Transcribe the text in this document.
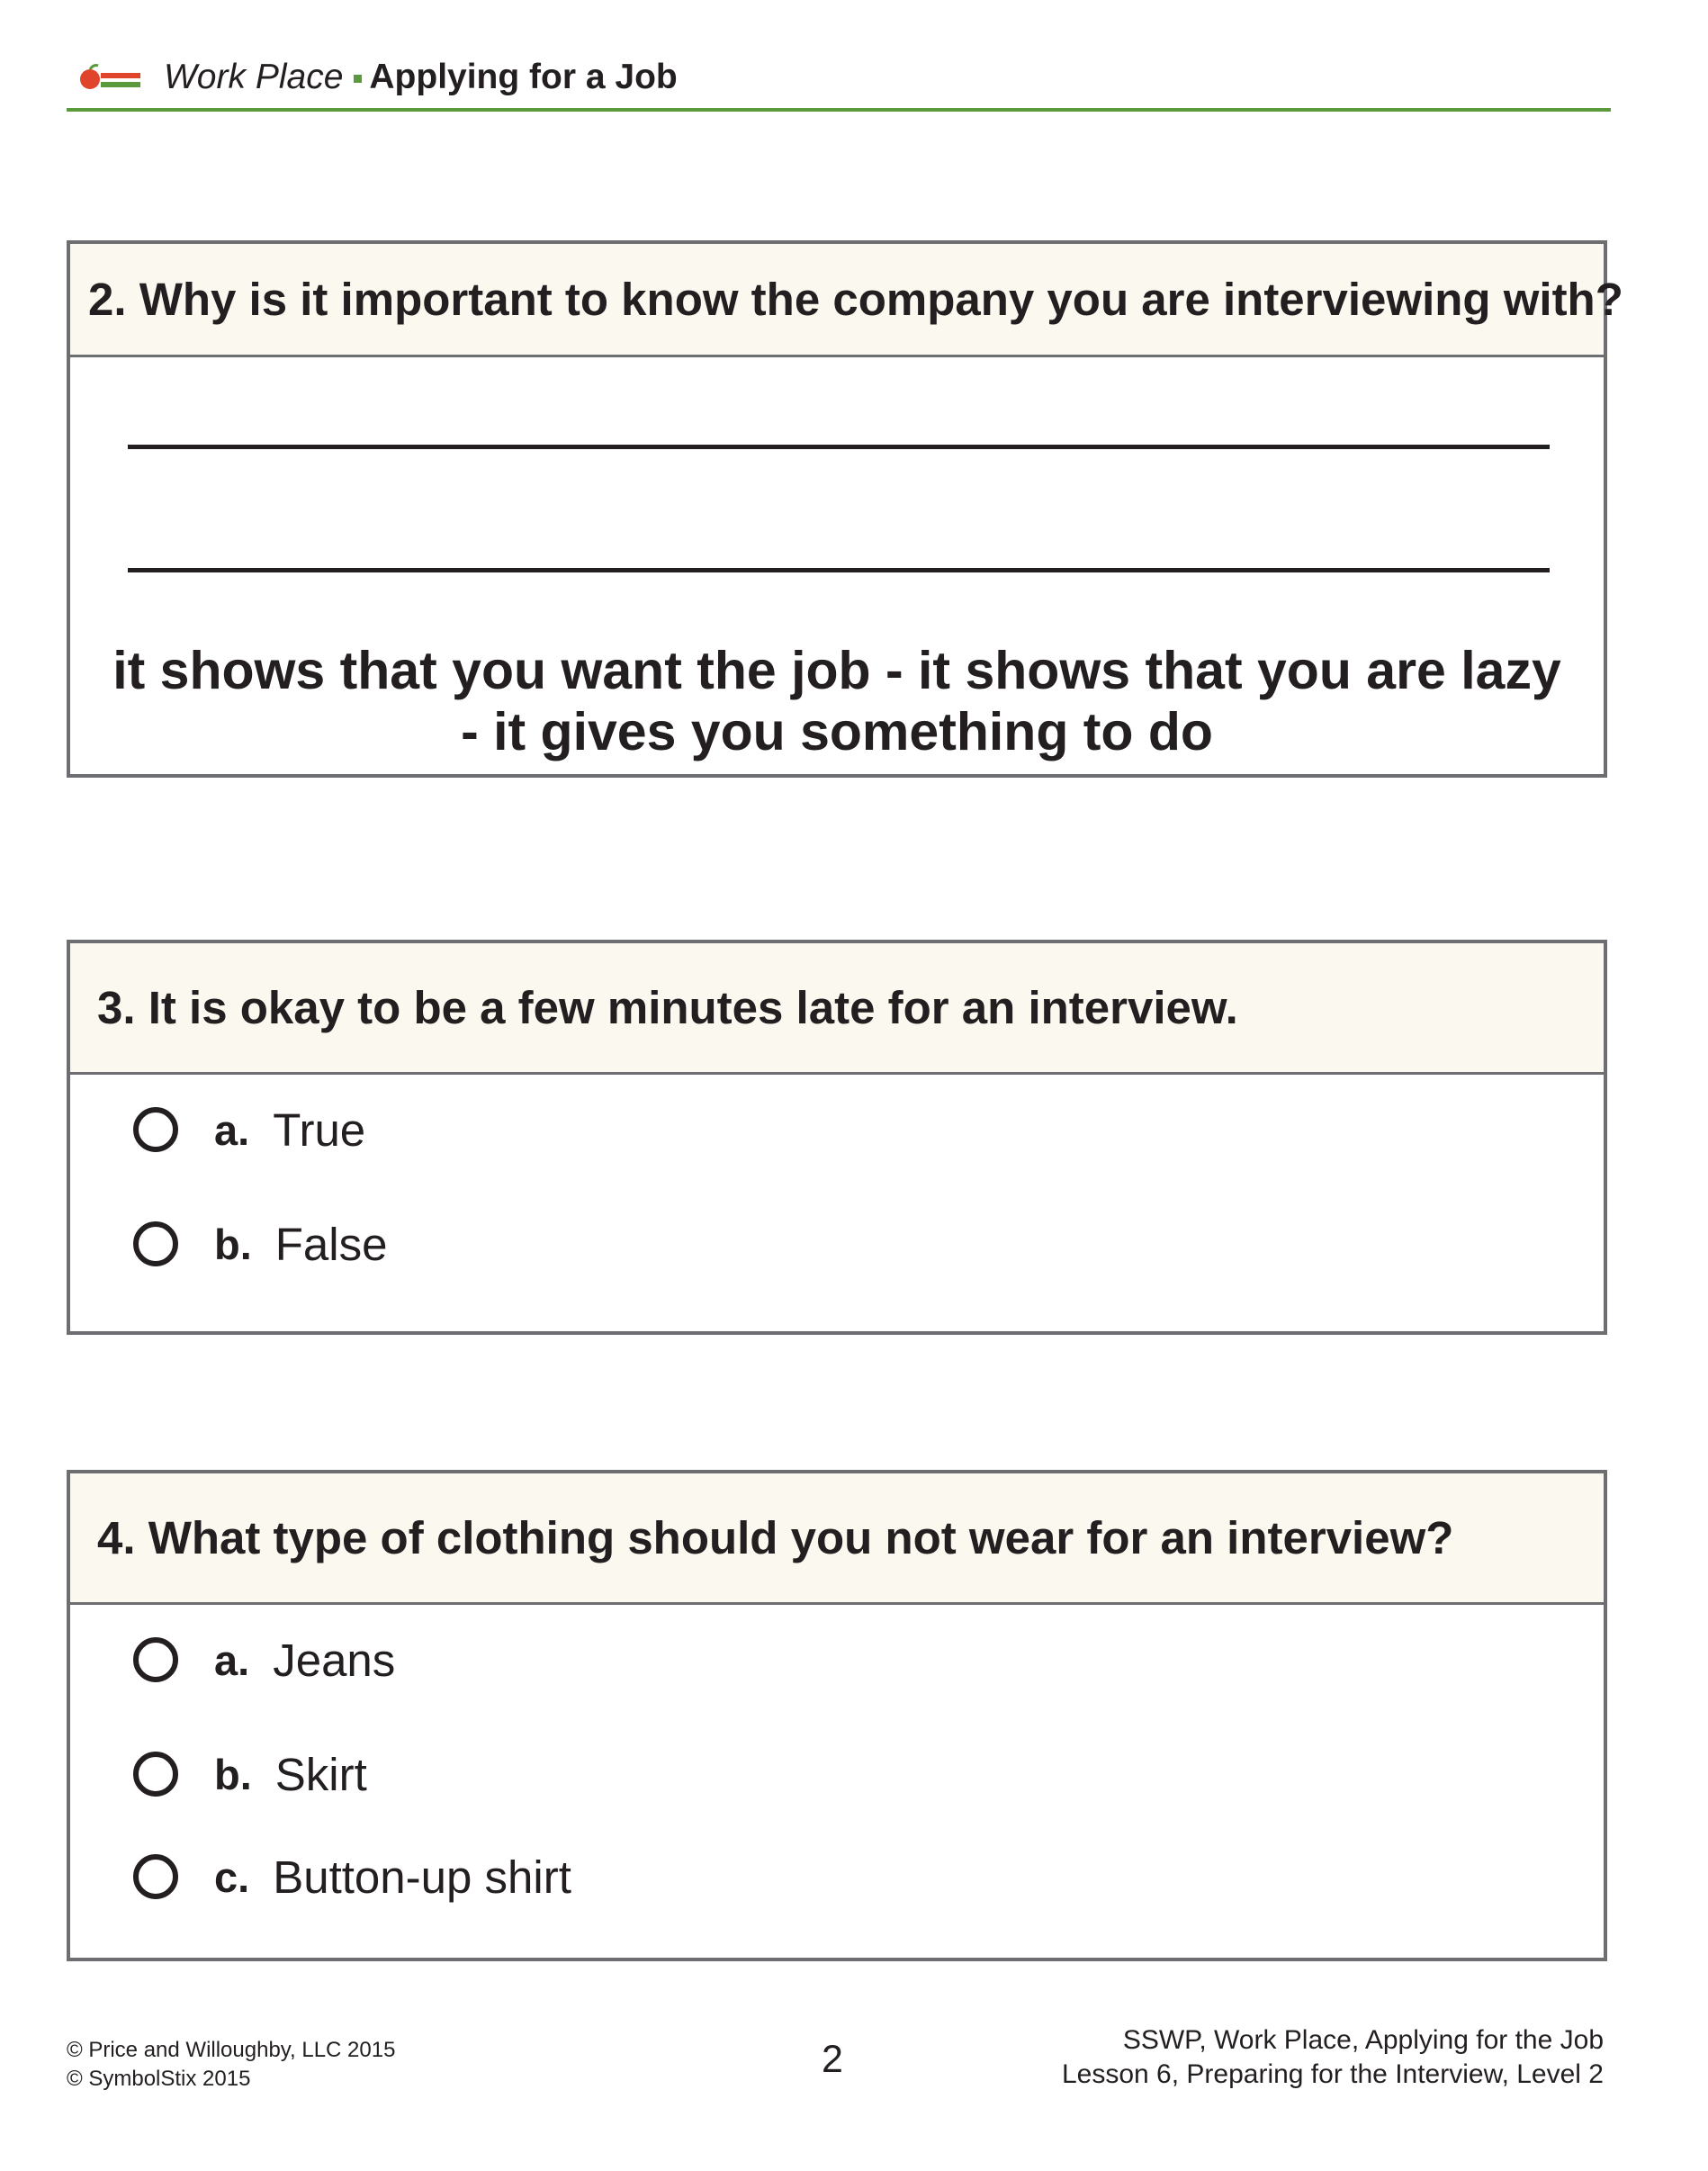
Work Place Applying for a Job
2. Why is it important to know the company you are interviewing with?
it shows that you want the job - it shows that you are lazy
- it gives you something to do
3. It is okay to be a few minutes late for an interview.
a. True
b. False
4. What type of clothing should you not wear for an interview?
a. Jeans
b. Skirt
c. Button-up shirt
© Price and Willoughby, LLC 2015
© SymbolStix 2015	2	SSWP, Work Place, Applying for the Job
Lesson 6, Preparing for the Interview, Level 2
